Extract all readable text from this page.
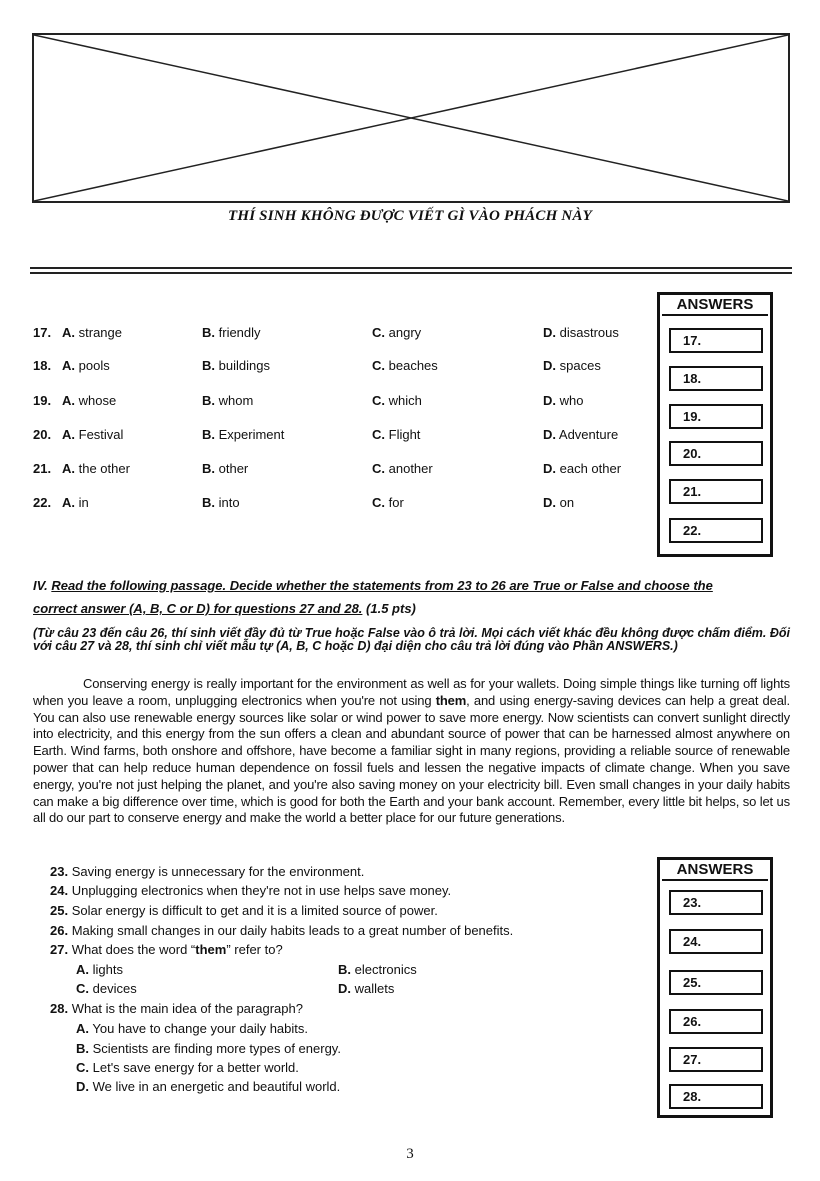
THÍ SINH KHÔNG ĐƯỢC VIẾT GÌ VÀO PHÁCH NÀY
ANSWERS
17.
18.
19.
20.
21.
22.
17. A. strange	B. friendly	C. angry	D. disastrous
18. A. pools	B. buildings	C. beaches	D. spaces
19. A. whose	B. whom	C. which	D. who
20. A. Festival	B. Experiment	C. Flight	D. Adventure
21. A. the other	B. other	C. another	D. each other
22. A. in	B. into	C. for	D. on
IV. Read the following passage. Decide whether the statements from 23 to 26 are True or False and choose the
correct answer (A, B, C or D) for questions 27 and 28. (1.5 pts)
(Từ câu 23 đến câu 26, thí sinh viết đầy đủ từ True hoặc False vào ô trả lời. Mọi cách viết khác đều không được chấm điểm. Đối với câu 27 và 28, thí sinh chỉ viết mẫu tự (A, B, C hoặc D) đại diện cho câu trả lời đúng vào Phần ANSWERS.)
Conserving energy is really important for the environment as well as for your wallets. Doing simple things like turning off lights when you leave a room, unplugging electronics when you're not using them, and using energy-saving devices can help a great deal. You can also use renewable energy sources like solar or wind power to save more energy. Now scientists can convert sunlight directly into electricity, and this energy from the sun offers a clean and abundant source of power that can be harnessed almost anywhere on Earth. Wind farms, both onshore and offshore, have become a familiar sight in many regions, providing a reliable source of renewable power that can help reduce human dependence on fossil fuels and lessen the negative impacts of climate change. When you save energy, you're not just helping the planet, and you're also saving money on your electricity bill. Even small changes in your daily habits can make a big difference over time, which is good for both the Earth and your bank account. Remember, every little bit helps, so let us all do our part to conserve energy and make the world a better place for our future generations.
23. Saving energy is unnecessary for the environment.
24. Unplugging electronics when they're not in use helps save money.
25. Solar energy is difficult to get and it is a limited source of power.
26. Making small changes in our daily habits leads to a great number of benefits.
27. What does the word “them” refer to?
A. lights	B. electronics
C. devices	D. wallets
28. What is the main idea of the paragraph?
A. You have to change your daily habits.
B. Scientists are finding more types of energy.
C. Let's save energy for a better world.
D. We live in an energetic and beautiful world.
ANSWERS
23.
24.
25.
26.
27.
28.
3
